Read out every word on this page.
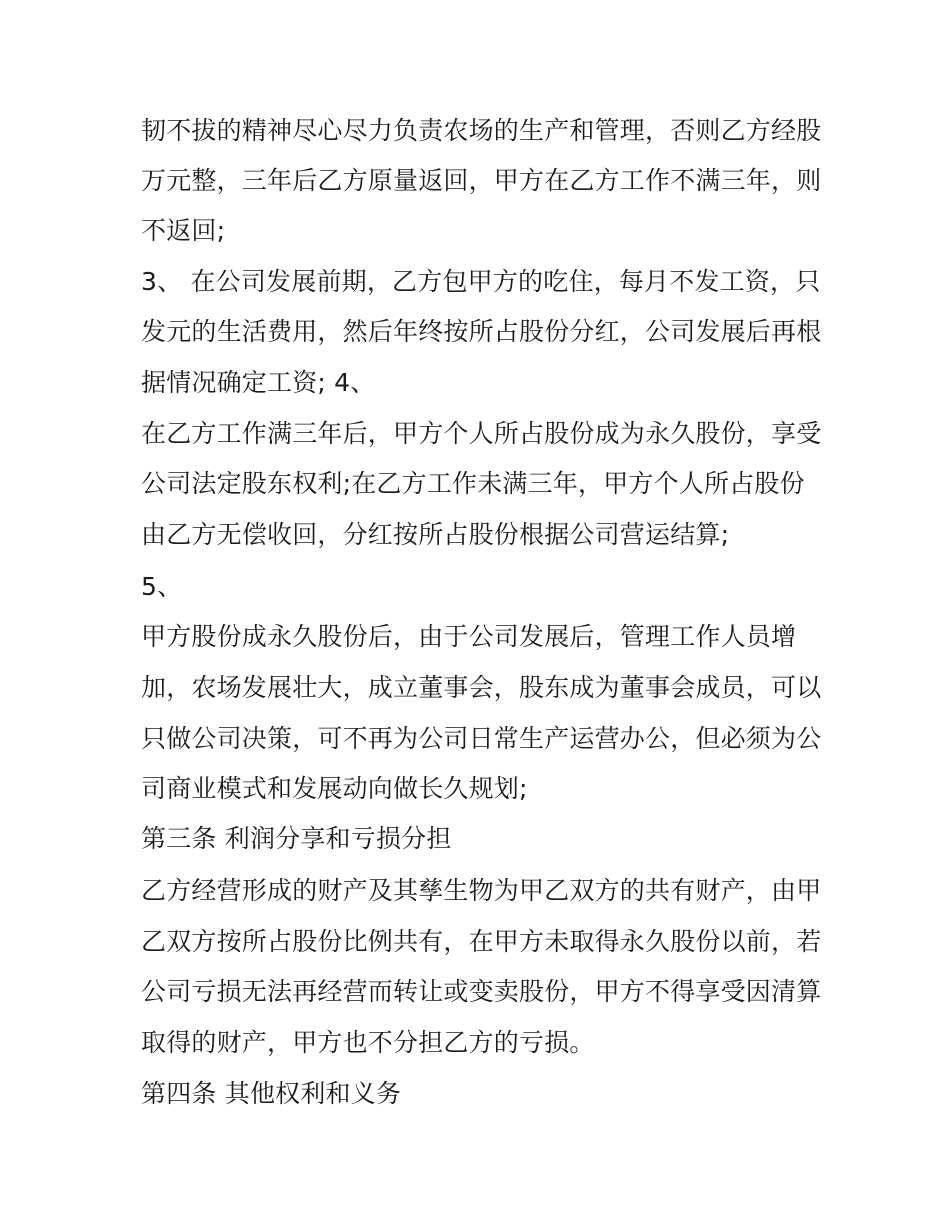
韧不拔的精神尽心尽力负责农场的生产和管理，否则乙方经股
万元整，三年后乙方原量返回，甲方在乙方工作不满三年，则
不返回;
3、 在公司发展前期，乙方包甲方的吃住，每月不发工资，只
发元的生活费用，然后年终按所占股份分红，公司发展后再根
据情况确定工资; 4、
在乙方工作满三年后，甲方个人所占股份成为永久股份，享受
公司法定股东权利;在乙方工作未满三年，甲方个人所占股份
由乙方无偿收回，分红按所占股份根据公司营运结算;
5、
甲方股份成永久股份后，由于公司发展后，管理工作人员增
加，农场发展壮大，成立董事会，股东成为董事会成员，可以
只做公司决策，可不再为公司日常生产运营办公，但必须为公
司商业模式和发展动向做长久规划;
第三条 利润分享和亏损分担
乙方经营形成的财产及其孳生物为甲乙双方的共有财产，由甲
乙双方按所占股份比例共有，在甲方未取得永久股份以前，若
公司亏损无法再经营而转让或变卖股份，甲方不得享受因清算
取得的财产，甲方也不分担乙方的亏损。
第四条 其他权利和义务
